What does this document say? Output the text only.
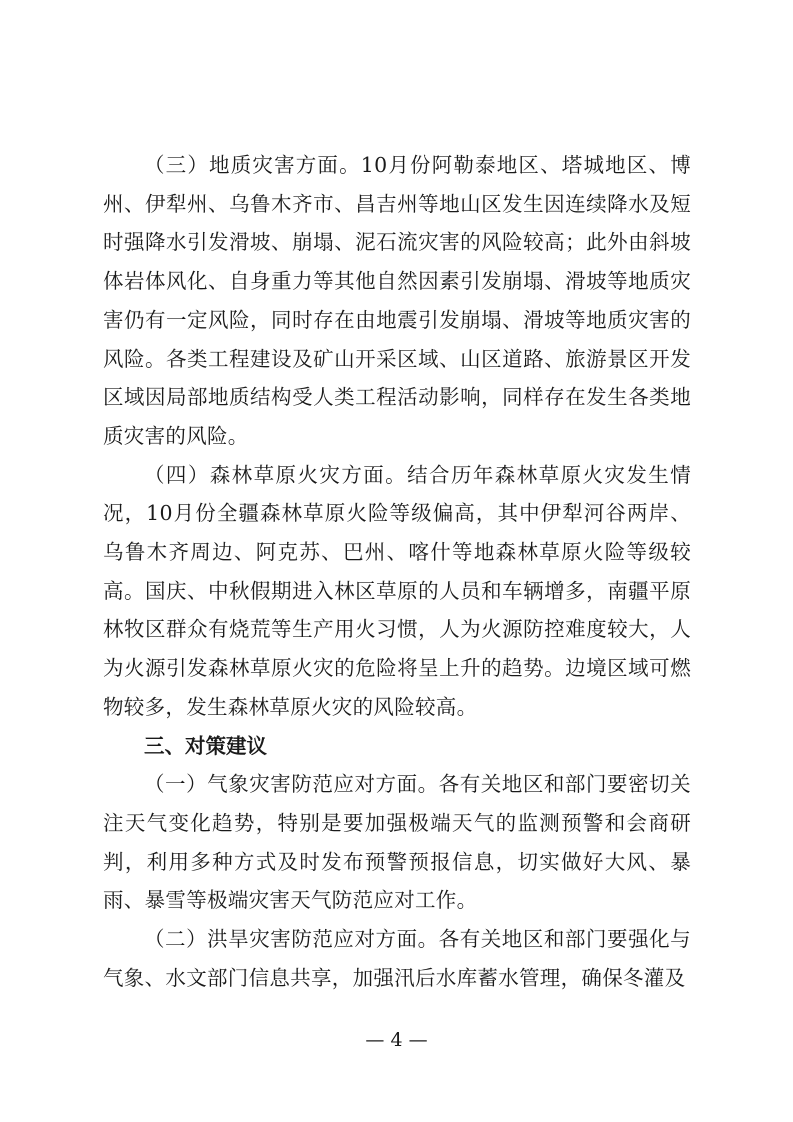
（三）地质灾害方面。10月份阿勒泰地区、塔城地区、博州、伊犁州、乌鲁木齐市、昌吉州等地山区发生因连续降水及短时强降水引发滑坡、崩塌、泥石流灾害的风险较高；此外由斜坡体岩体风化、自身重力等其他自然因素引发崩塌、滑坡等地质灾害仍有一定风险，同时存在由地震引发崩塌、滑坡等地质灾害的风险。各类工程建设及矿山开采区域、山区道路、旅游景区开发区域因局部地质结构受人类工程活动影响，同样存在发生各类地质灾害的风险。

（四）森林草原火灾方面。结合历年森林草原火灾发生情况，10月份全疆森林草原火险等级偏高，其中伊犁河谷两岸、乌鲁木齐周边、阿克苏、巴州、喀什等地森林草原火险等级较高。国庆、中秋假期进入林区草原的人员和车辆增多，南疆平原林牧区群众有烧荒等生产用火习惯，人为火源防控难度较大，人为火源引发森林草原火灾的危险将呈上升的趋势。边境区域可燃物较多，发生森林草原火灾的风险较高。

三、对策建议

（一）气象灾害防范应对方面。各有关地区和部门要密切关注天气变化趋势，特别是要加强极端天气的监测预警和会商研判，利用多种方式及时发布预警预报信息，切实做好大风、暴雨、暴雪等极端灾害天气防范应对工作。

（二）洪旱灾害防范应对方面。各有关地区和部门要强化与气象、水文部门信息共享，加强汛后水库蓄水管理，确保冬灌及

— 4 —
